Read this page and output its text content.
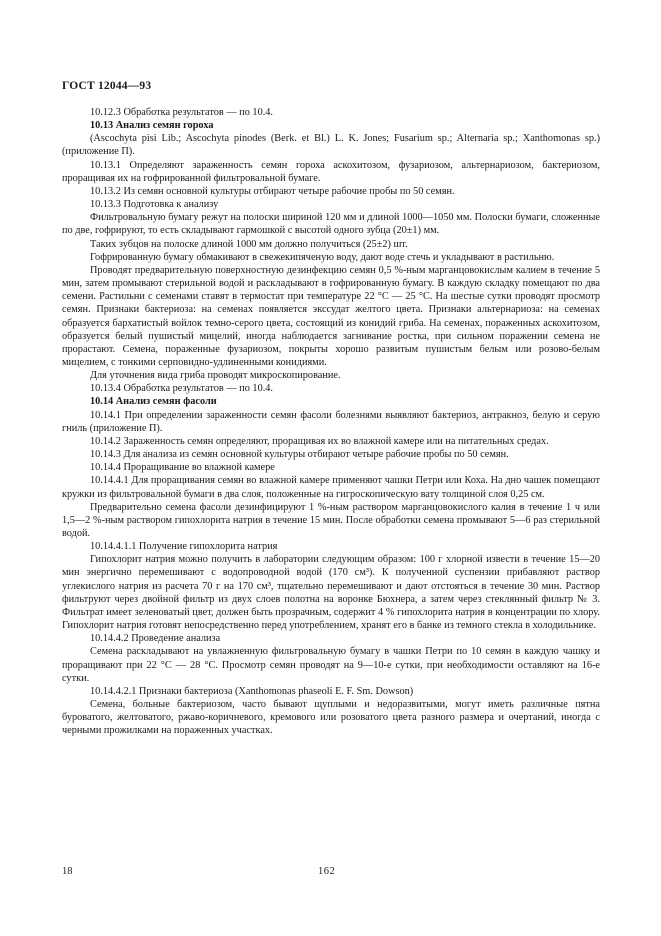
ГОСТ 12044—93

10.12.3 Обработка результатов — по 10.4.

10.13 Анализ семян гороха

(Ascochyta pisi Lib.; Ascochyta pinodes (Berk. et Bl.) L. K. Jones; Fusarium sp.; Alternaria sp.; Xanthomonas sp.) (приложение П).

10.13.1 Определяют зараженность семян гороха аскохитозом, фузариозом, альтернариозом, бактериозом, проращивая их на гофрированной фильтровальной бумаге.

10.13.2 Из семян основной культуры отбирают четыре рабочие пробы по 50 семян.

10.13.3 Подготовка к анализу

Фильтровальную бумагу режут на полоски шириной 120 мм и длиной 1000—1050 мм. Полоски бумаги, сложенные по две, гофрируют, то есть складывают гармошкой с высотой одного зубца (20±1) мм.

Таких зубцов на полоске длиной 1000 мм должно получиться (25±2) шт.

Гофрированную бумагу обмакивают в свежекипяченую воду, дают воде стечь и укладывают в растильню.

Проводят предварительную поверхностную дезинфекцию семян 0,5 %-ным марганцовокислым калием в течение 5 мин, затем промывают стерильной водой и раскладывают в гофрированную бумагу. В каждую складку помещают по два семени. Растильни с семенами ставят в термостат при температуре 22 °С — 25 °С. На шестые сутки проводят просмотр семян. Признаки бактериоза: на семенах появляется экссудат желтого цвета. Признаки альтернариоза: на семенах образуется бархатистый войлок темно-серого цвета, состоящий из конидий гриба. На семенах, пораженных аскохитозом, образуется белый пушистый мицелий, иногда наблюдается загнивание ростка, при сильном поражении семена не прорастают. Семена, пораженные фузариозом, покрыты хорошо развитым пушистым белым или розово-белым мицелием, с тонкими серповидно-удлиненными конидиями.

Для уточнения вида гриба проводят микроскопирование.

10.13.4 Обработка результатов — по 10.4.

10.14 Анализ семян фасоли

10.14.1 При определении зараженности семян фасоли болезнями выявляют бактериоз, антракноз, белую и серую гниль (приложение П).

10.14.2 Зараженность семян определяют, проращивая их во влажной камере или на питательных средах.

10.14.3 Для анализа из семян основной культуры отбирают четыре рабочие пробы по 50 семян.

10.14.4 Проращивание во влажной камере

10.14.4.1 Для проращивания семян во влажной камере применяют чашки Петри или Коха. На дно чашек помещают кружки из фильтровальной бумаги в два слоя, положенные на гигроскопическую вату толщиной слоя 0,25 см.

Предварительно семена фасоли дезинфицируют 1 %-ным раствором марганцовокислого калия в течение 1 ч или 1,5—2 %-ным раствором гипохлорита натрия в течение 15 мин. После обработки семена промывают 5—6 раз стерильной водой.

10.14.4.1.1 Получение гипохлорита натрия

Гипохлорит натрия можно получить в лаборатории следующим образом: 100 г хлорной извести в течение 15—20 мин энергично перемешивают с водопроводной водой (170 см³). К полученной суспензии прибавляют раствор углекислого натрия из расчета 70 г на 170 см³, тщательно перемешивают и дают отстояться в течение 30 мин. Раствор фильтруют через двойной фильтр из двух слоев полотна на воронке Бюхнера, а затем через стеклянный фильтр № 3. Фильтрат имеет зеленоватый цвет, должен быть прозрачным, содержит 4 % гипохлорита натрия в концентрации по хлору. Гипохлорит натрия готовят непосредственно перед употреблением, хранят его в банке из темного стекла в холодильнике.

10.14.4.2 Проведение анализа

Семена раскладывают на увлажненную фильтровальную бумагу в чашки Петри по 10 семян в каждую чашку и проращивают при 22 °С — 28 °С. Просмотр семян проводят на 9—10-е сутки, при необходимости оставляют на 16-е сутки.

10.14.4.2.1 Признаки бактериоза (Xanthomonas phaseoli E. F. Sm. Dowson)

Семена, больные бактериозом, часто бывают щуплыми и недоразвитыми, могут иметь различные пятна буроватого, желтоватого, ржаво-коричневого, кремового или розоватого цвета разного размера и очертаний, иногда с черными прожилками на пораженных участках.

18	162
